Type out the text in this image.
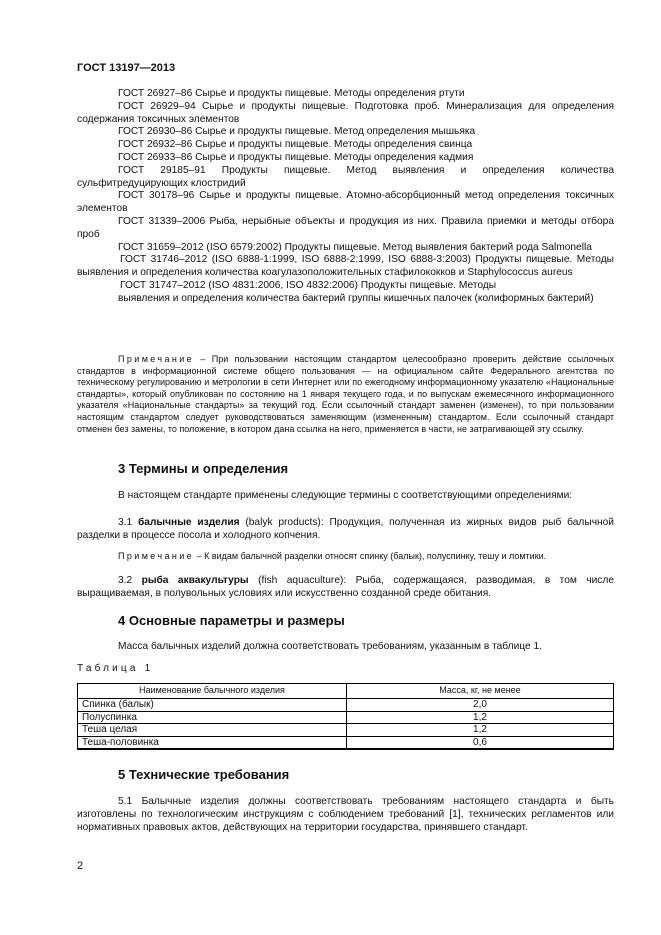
ГОСТ 13197—2013

ГОСТ 26927–86 Сырье и продукты пищевые. Методы определения ртути

ГОСТ 26929–94 Сырье и продукты пищевые. Подготовка проб. Минерализация для определения содержания токсичных элементов

ГОСТ 26930–86 Сырье и продукты пищевые. Метод определения мышьяка

ГОСТ 26932–86 Сырье и продукты пищевые. Методы определения свинца

ГОСТ 26933–86 Сырье и продукты пищевые. Методы определения кадмия

ГОСТ 29185–91 Продукты пищевые. Метод выявления и определения количества сульфитредуцирующих клостридий

ГОСТ 30178–96 Сырье и продукты пищевые. Атомно-абсорбционный метод определения токсичных элементов

ГОСТ 31339–2006 Рыба, нерыбные объекты и продукция из них. Правила приемки и методы отбора проб

ГОСТ 31659–2012 (ISO 6579:2002) Продукты пищевые. Метод выявления бактерий рода Salmonella

ГОСТ 31746–2012 (ISO 6888-1:1999, ISO 6888-2:1999, ISO 6888-3:2003) Продукты пищевые. Методы выявления и определения количества коагулазоположительных стафилококков и Staphylococcus aureus

ГОСТ 31747–2012 (ISO 4831:2006, ISO 4832:2006) Продукты пищевые. Методы

выявления и определения количества бактерий группы кишечных палочек (колиформных бактерий)

Примечание – При пользовании настоящим стандартом целесообразно проверить действие ссылочных стандартов в информационной системе общего пользования — на официальном сайте Федерального агентства по техническому регулированию и метрологии в сети Интернет или по ежегодному информационному указателю «Национальные стандарты», который опубликован по состоянию на 1 января текущего года, и по выпускам ежемесячного информационного указателя «Национальные стандарты» за текущий год. Если ссылочный стандарт заменен (изменен), то при пользовании настоящим стандартом следует руководствоваться заменяющим (измененным) стандартом. Если ссылочный стандарт отменен без замены, то положение, в котором дана ссылка на него, применяется в части, не затрагивающей эту ссылку.

3 Термины и определения

В настоящем стандарте применены следующие термины с соответствующими определениями:

3.1 балычные изделия (balyk products): Продукция, полученная из жирных видов рыб балычной разделки в процессе посола и холодного копчения.

Примечание – К видам балычной разделки относят спинку (балык), полуспинку, тешу и ломтики.

3.2 рыба аквакультуры (fish aquaculture): Рыба, содержащаяся, разводимая, в том числе выращиваемая, в полувольных условиях или искусственно созданной среде обитания.

4 Основные параметры и размеры

Масса балычных изделий должна соответствовать требованиям, указанным в таблице 1.

Таблица 1
Наименование балычного изделия	Масса, кг, не менее
Спинка (балык)	2,0
Полуспинка	1,2
Теша целая	1,2
Теша-половинка	0,6
5 Технические требования

5.1 Балычные изделия должны соответствовать требованиям настоящего стандарта и быть изготовлены по технологическим инструкциям с соблюдением требований [1], технических регламентов или нормативных правовых актов, действующих на территории государства, принявшего стандарт.

2
